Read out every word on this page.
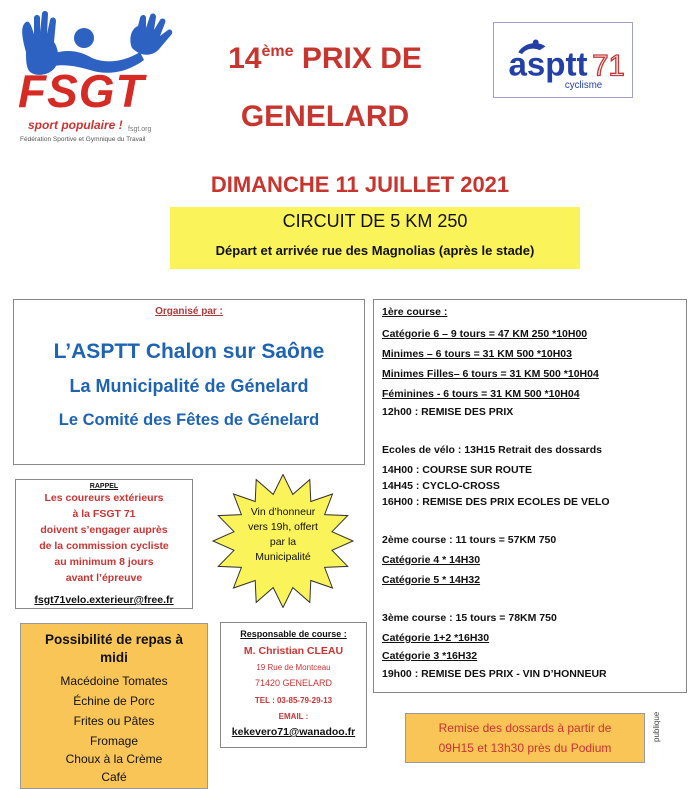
FSGT
sport populaire ! fsgt.org
Fédération Sportive et Gymnique du Travail
14ème PRIX DE
GENELARD
asptt 71
cyclisme
DIMANCHE 11 JUILLET 2021
CIRCUIT DE 5 KM 250
Départ et arrivée rue des Magnolias (après le stade)
Organisé par :
L’ASPTT Chalon sur Saône
La Municipalité de Génelard
Le Comité des Fêtes de Génelard
RAPPEL
Les coureurs extérieurs
à la FSGT 71
doivent s’engager auprès
de la commission cycliste
au minimum 8 jours
avant l’épreuve
fsgt71velo.exterieur@free.fr
Vin d’honneur
vers 19h, offert
par la
Municipalité
Possibilité de repas à
midi
Macédoine Tomates
Échine de Porc
Frites ou Pâtes
Fromage
Choux à la Crème
Café
Responsable de course :
M. Christian CLEAU
19 Rue de Montceau
71420 GENELARD
TEL : 03-85-79-29-13
EMAIL :
kekevero71@wanadoo.fr
1ère course :
Catégorie 6 – 9 tours = 47 KM 250 *10H00
Minimes – 6 tours = 31 KM 500 *10H03
Minimes Filles– 6 tours = 31 KM 500 *10H04
Féminines - 6 tours = 31 KM 500 *10H04
12h00 : REMISE DES PRIX
Ecoles de vélo : 13H15 Retrait des dossards
14H00 : COURSE SUR ROUTE
14H45 : CYCLO-CROSS
16H00 : REMISE DES PRIX ECOLES DE VELO
2ème course : 11 tours = 57KM 750
Catégorie 4 * 14H30
Catégorie 5 * 14H32
3ème course : 15 tours = 78KM 750
Catégorie 1+2 *16H30
Catégorie 3 *16H32
19h00 : REMISE DES PRIX - VIN D’HONNEUR
Remise des dossards à partir de
09H15 et 13h30 près du Podium
publique
